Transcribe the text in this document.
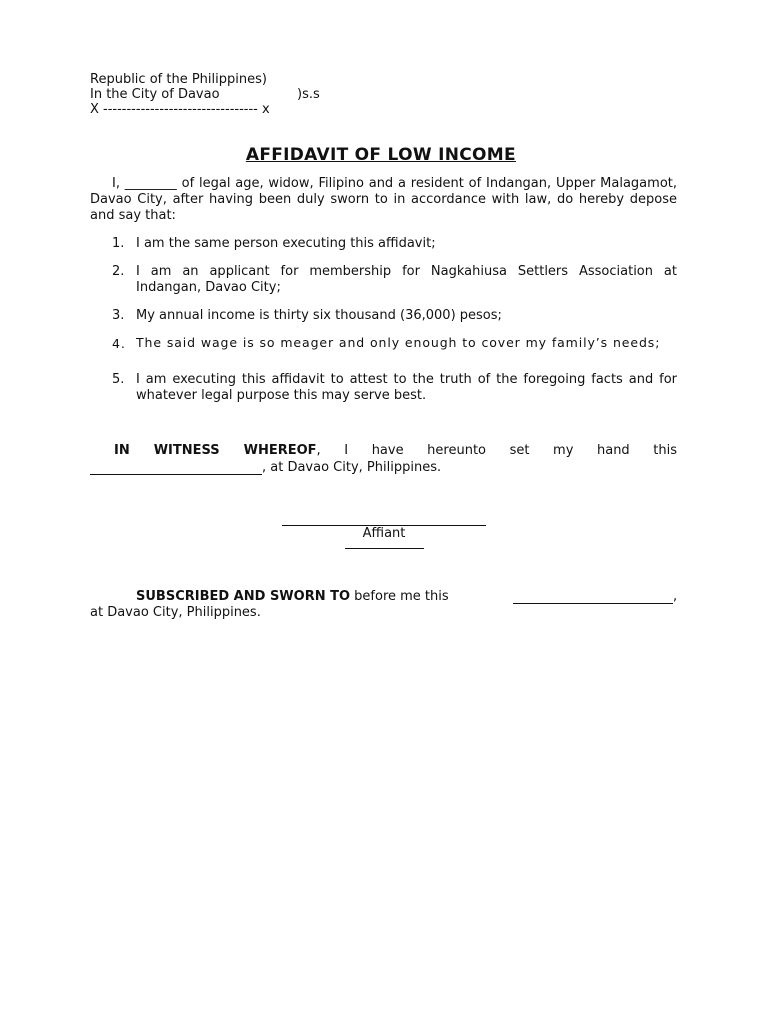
Republic of the Philippines)
In the City of Davao	)s.s
X --------------------------------- x
AFFIDAVIT OF LOW INCOME
I, ________ of legal age, widow, Filipino and a resident of Indangan, Upper Malagamot, Davao City, after having been duly sworn to in accordance with law, do hereby depose and say that:
1. I am the same person executing this affidavit;
2. I am an applicant for membership for Nagkahiusa Settlers Association at Indangan, Davao City;
3. My annual income is thirty six thousand (36,000) pesos;
4. The said wage is so meager and only enough to cover my family’s needs;
5. I am executing this affidavit to attest to the truth of the foregoing facts and for whatever legal purpose this may serve best.
IN WITNESS WHEREOF, I have hereunto set my hand this
, at Davao City, Philippines.
Affiant
SUBSCRIBED AND SWORN TO before me this	,
at Davao City, Philippines.
